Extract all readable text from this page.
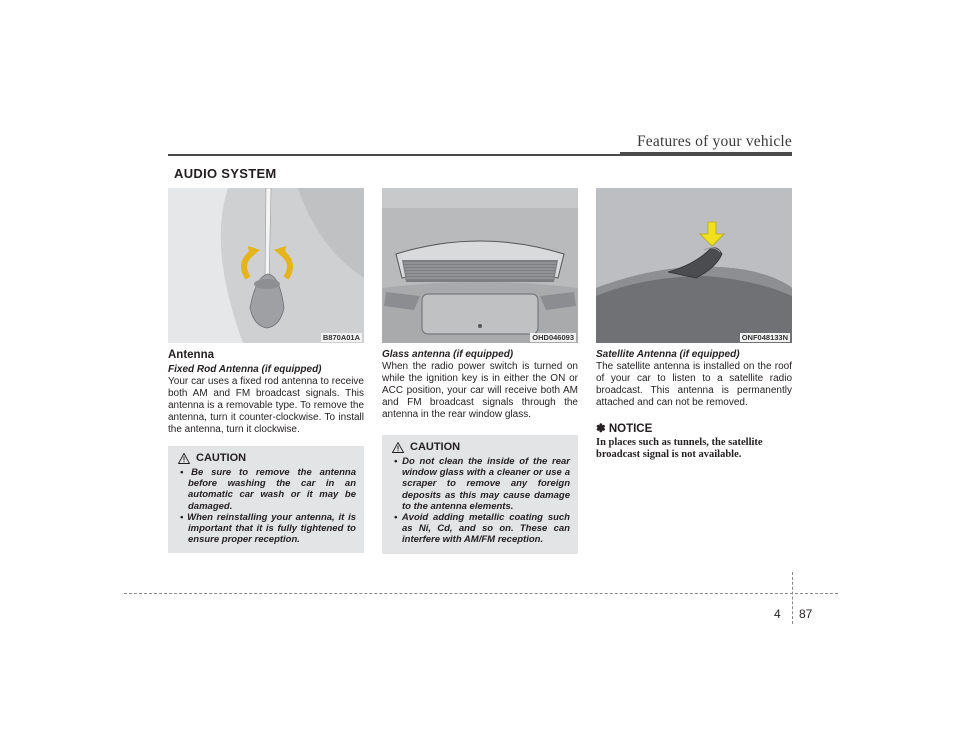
Features of your vehicle
AUDIO SYSTEM
B870A01A
Antenna
Fixed Rod Antenna (if equipped)
Your car uses a fixed rod antenna to receive both AM and FM broadcast signals. This antenna is a removable type. To remove the antenna, turn it counter-clockwise. To install the antenna, turn it clockwise.
CAUTION
• Be sure to remove the antenna before washing the car in an automatic car wash or it may be damaged.
• When reinstalling your antenna, it is important that it is fully tightened to ensure proper reception.
OHD046093
Glass antenna (if equipped)
When the radio power switch is turned on while the ignition key is in either the ON or ACC position, your car will receive both AM and FM broadcast signals through the antenna in the rear window glass.
CAUTION
• Do not clean the inside of the rear window glass with a cleaner or use a scraper to remove any foreign deposits as this may cause damage to the antenna elements.
• Avoid adding metallic coating such as Ni, Cd, and so on. These can interfere with AM/FM reception.
ONF048133N
Satellite Antenna (if equipped)
The satellite antenna is installed on the roof of your car to listen to a satellite radio broadcast. This antenna is permanently attached and can not be removed.
✽ NOTICE
In places such as tunnels, the satellite broadcast signal is not available.
4 87
